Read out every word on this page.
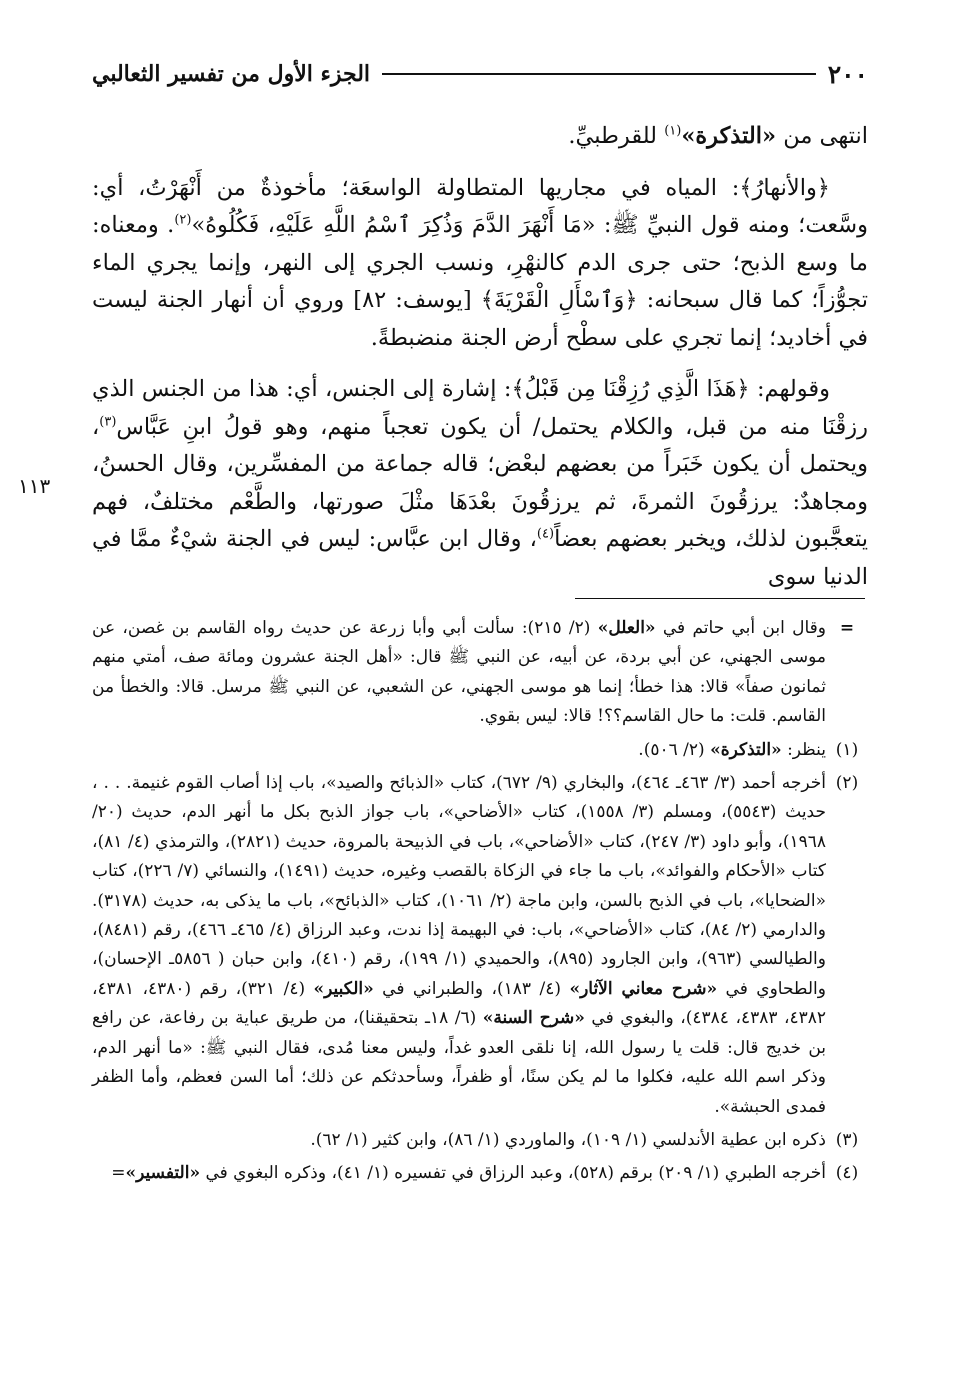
٢٠٠
الجزء الأول من تفسير الثعالبي
١١٣

انتهى من «التذكرة»$^{(١)}$ للقرطبيِّ.

﴿والأنهارُ﴾: المياه في مجاريها المتطاولة الواسعَة؛ مأخوذةٌ من أَنْهَرْتُ، أي: وسَّعت؛ ومنه قول النبيِّ ﷺ: «مَا أَنْهَرَ الدَّمَ وَذُكِرَ ٱسْمُ اللَّهِ عَلَيْهِ، فَكُلُوهُ»$^{(٢)}$. ومعناه: ما وسع الذبح؛ حتى جرى الدم كالنهْرِ، ونسب الجري إلى النهر، وإنما يجري الماء تجوُّزاً؛ كما قال سبحانه: ﴿وَٱسْأَلِ الْقَرْيَةَ﴾ [يوسف: ٨٢] وروي أن أنهار الجنة ليست في أخاديد؛ إنما تجري على سطْح أرض الجنة منضبطةً.

وقولهم: ﴿هَذَا الَّذِي رُزِقْنَا مِن قَبْلُ﴾: إشارة إلى الجنس، أي: هذا من الجنس الذي رزقْنَا منه من قبل، والكلام يحتمل/ أن يكون تعجباً منهم، وهو قولُ ابنِ عَبَّاس$^{(٣)}$، ويحتمل أن يكون خَبَراً من بعضهم لبعْض؛ قاله جماعة من المفسِّرين، وقال الحسنُ، ومجاهدٌ: يرزقُونَ الثمرةَ، ثم يرزقُونَ بعْدَهَا مثْلَ صورتها، والطَّعْم مختلفٌ، فهم يتعجَّبون لذلك، ويخبر بعضهم بعضاً$^{(٤)}$، وقال ابن عبَّاس: ليس في الجنة شيْءٌ ممَّا في الدنيا سوى

=
وقال ابن أبي حاتم في «العلل» (٢/ ٢١٥): سألت أبي وأبا زرعة عن حديث رواه القاسم بن غصن، عن موسى الجهني، عن أبي بردة، عن أبيه، عن النبي ﷺ قال: «أهل الجنة عشرون ومائة صف، أمتي منهم ثمانون صفاً» قالا: هذا خطأ؛ إنما هو موسى الجهني، عن الشعبي، عن النبي ﷺ مرسل. قالا: والخطأ من القاسم. قلت: ما حال القاسم؟؟! قالا: ليس بقوي.
(١)
ينظر: «التذكرة» (٢/ ٥٠٦).
(٢)
أخرجه أحمد (٣/ ٤٦٣ـ ٤٦٤)، والبخاري (٩/ ٦٧٢)، كتاب «الذبائح والصيد»، باب إذا أصاب القوم غنيمة. . . ، حديث (٥٥٤٣)، ومسلم (٣/ ١٥٥٨)، كتاب «الأضاحي»، باب جواز الذبح بكل ما أنهر الدم، حديث (٢٠/ ١٩٦٨)، وأبو داود (٣/ ٢٤٧)، كتاب «الأضاحي»، باب في الذبيحة بالمروة، حديث (٢٨٢١)، والترمذي (٤/ ٨١)، كتاب «الأحكام والفوائد»، باب ما جاء في الزكاة بالقصب وغيره، حديث (١٤٩١)، والنسائي (٧/ ٢٢٦)، كتاب «الضحايا»، باب في الذبح بالسن، وابن ماجة (٢/ ١٠٦١)، كتاب «الذبائح»، باب ما يذكى به، حديث (٣١٧٨). والدارمي (٢/ ٨٤)، كتاب «الأضاحي»، باب: في البهيمة إذا ندت، وعبد الرزاق (٤/ ٤٦٥ـ ٤٦٦)، رقم (٨٤٨١)، والطيالسي (٩٦٣)، وابن الجارود (٨٩٥)، والحميدي (١/ ١٩٩)، رقم (٤١٠)، وابن حبان ( ٥٨٥٦ـ الإحسان)، والطحاوي في «شرح معاني الآثار» (٤/ ١٨٣)، والطبراني في «الكبير» (٤/ ٣٢١)، رقم (٤٣٨٠، ٤٣٨١، ٤٣٨٢، ٤٣٨٣، ٤٣٨٤)، والبغوي في «شرح السنة» (٦/ ١٨ـ بتحقيقنا)، من طريق عباية بن رفاعة، عن رافع بن خديج قال: قلت يا رسول الله، إنا نلقى العدو غداً، وليس معنا مُدى، فقال النبي ﷺ: «ما أنهر الدم، وذكر اسم الله عليه، فكلوا ما لم يكن سنًا، أو ظفراً، وسأحدثكم عن ذلك؛ أما السن فعظم، وأما الظفر فمدى الحبشة».
(٣)
ذكره ابن عطية الأندلسي (١/ ١٠٩)، والماوردي (١/ ٨٦)، وابن كثير (١/ ٦٢).
(٤)
أخرجه الطبري (١/ ٢٠٩) برقم (٥٢٨)، وعبد الرزاق في تفسيره (١/ ٤١)، وذكره البغوي في «التفسير»=
